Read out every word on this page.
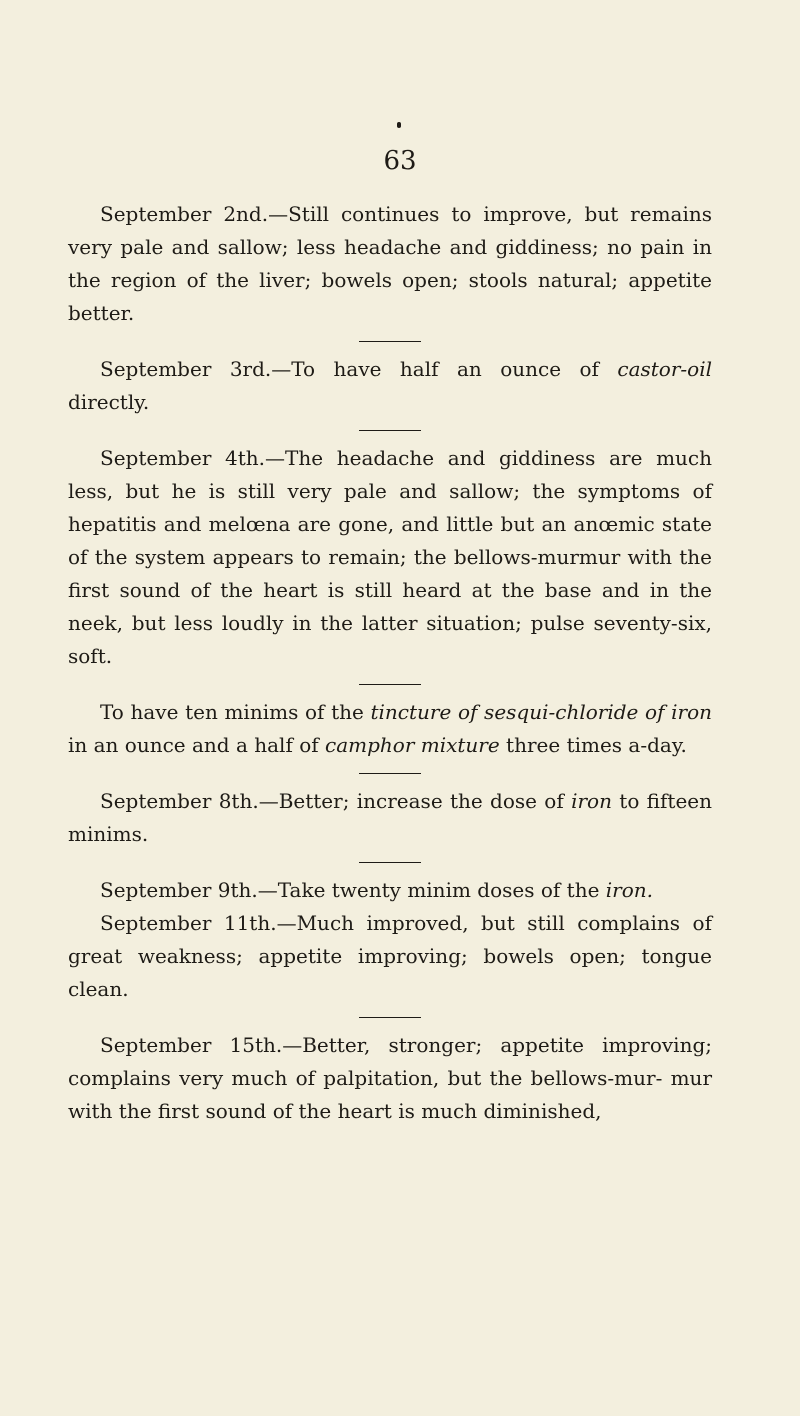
63

September 2nd.—Still continues to improve, but remains very pale and sallow; less headache and giddiness; no pain in the region of the liver; bowels open; stools natural; appetite better.

September 3rd.—To have half an ounce of castor-oil directly.

September 4th.—The headache and giddiness are much less, but he is still very pale and sallow; the symptoms of hepatitis and melœna are gone, and little but an anœmic state of the system appears to remain; the bellows-murmur with the first sound of the heart is still heard at the base and in the neek, but less loudly in the latter situation; pulse seventy-six, soft.

To have ten minims of the tincture of sesqui-chloride of iron in an ounce and a half of camphor mixture three times a-day.

September 8th.—Better; increase the dose of iron to fifteen minims.

September 9th.—Take twenty minim doses of the iron.

September 11th.—Much improved, but still complains of great weakness; appetite improving; bowels open; tongue clean.

September 15th.—Better, stronger; appetite improving; complains very much of palpitation, but the bellows-mur- mur with the first sound of the heart is much diminished,
